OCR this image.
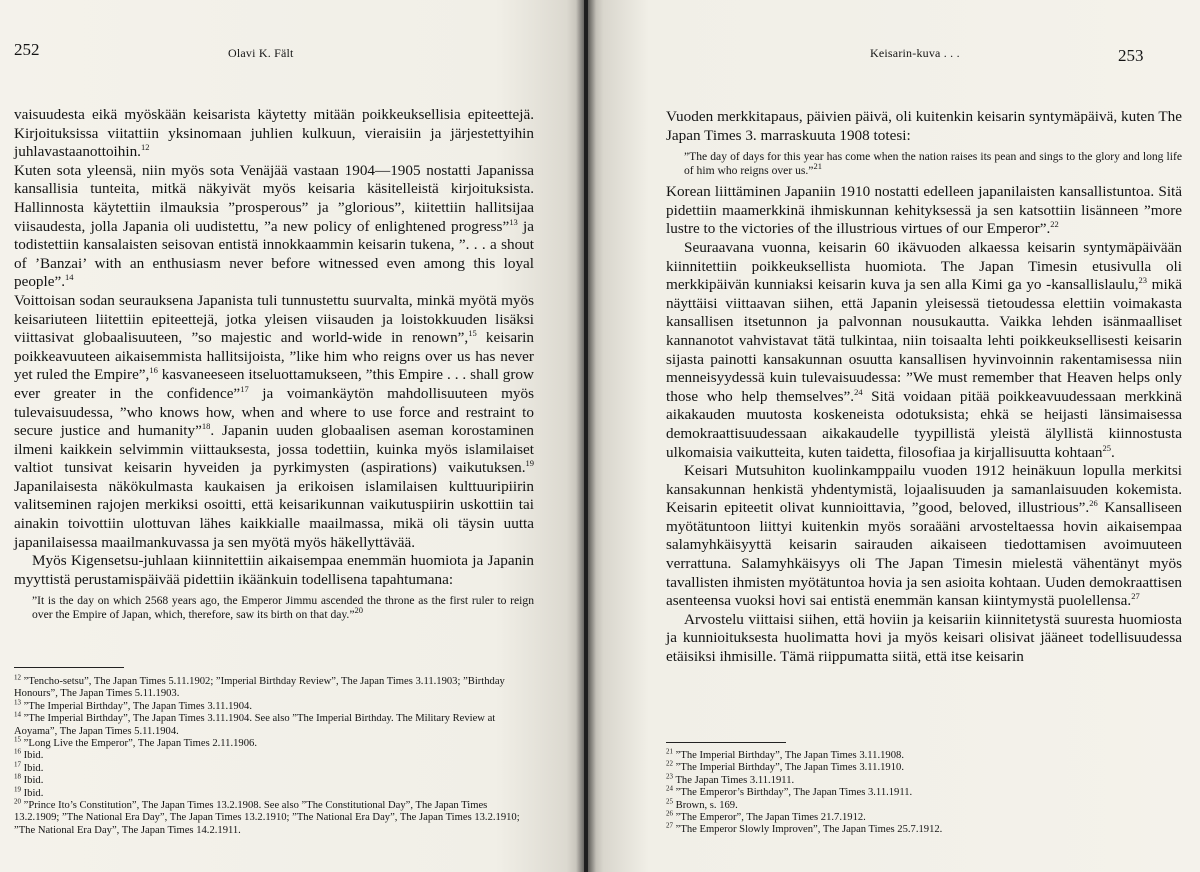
252	Olavi K. Fält

vaisuudesta eikä myöskään keisarista käytetty mitään poikkeuksellisia epiteettejä. Kirjoituksissa viitattiin yksinomaan juhlien kulkuun, vieraisiin ja järjestettyihin juhlavastaanottoihin.$^{12}$

Kuten sota yleensä, niin myös sota Venäjää vastaan 1904—1905 nostatti Japanissa kansallisia tunteita, mitkä näkyivät myös keisaria käsitelleistä kirjoituksista. Hallinnosta käytettiin ilmauksia ”prosperous” ja ”glorious”, kiitettiin hallitsijaa viisaudesta, jolla Japania oli uudistettu, ”a new policy of enlightened progress”$^{13}$ ja todistettiin kansalaisten seisovan entistä innokkaammin keisarin tukena, ”. . . a shout of ’Banzai’ with an enthusiasm never before witnessed even among this loyal people”.$^{14}$

Voittoisan sodan seurauksena Japanista tuli tunnustettu suurvalta, minkä myötä myös keisariuteen liitettiin epiteettejä, jotka yleisen viisauden ja loistokkuuden lisäksi viittasivat globaalisuuteen, ”so majestic and world-wide in renown”,$^{15}$ keisarin poikkeavuuteen aikaisemmista hallitsijoista, ”like him who reigns over us has never yet ruled the Empire”,$^{16}$ kasvaneeseen itseluottamukseen, ”this Empire . . . shall grow ever greater in the confidence”$^{17}$ ja voimankäytön mahdollisuuteen myös tulevaisuudessa, ”who knows how, when and where to use force and restraint to secure justice and humanity”$^{18}$. Japanin uuden globaalisen aseman korostaminen ilmeni kaikkein selvimmin viittauksesta, jossa todettiin, kuinka myös islamilaiset valtiot tunsivat keisarin hyveiden ja pyrkimysten (aspirations) vaikutuksen.$^{19}$ Japanilaisesta näkökulmasta kaukaisen ja erikoisen islamilaisen kulttuuripiirin valitseminen rajojen merkiksi osoitti, että keisarikunnan vaikutuspiirin uskottiin tai ainakin toivottiin ulottuvan lähes kaikkialle maailmassa, mikä oli täysin uutta japanilaisessa maailmankuvassa ja sen myötä myös häkellyttävää.

Myös Kigensetsu-juhlaan kiinnitettiin aikaisempaa enemmän huomiota ja Japanin myyttistä perustamispäivää pidettiin ikäänkuin todellisena tapahtumana:

”It is the day on which 2568 years ago, the Emperor Jimmu ascended the throne as the first ruler to reign over the Empire of Japan, which, therefore, saw its birth on that day.”$^{20}$

$^{12}$ ”Tencho-setsu”, The Japan Times 5.11.1902; ”Imperial Birthday Review”, The Japan Times 3.11.1903; ”Birthday Honours”, The Japan Times 5.11.1903.

$^{13}$ ”The Imperial Birthday”, The Japan Times 3.11.1904.

$^{14}$ ”The Imperial Birthday”, The Japan Times 3.11.1904. See also ”The Imperial Birthday. The Military Review at Aoyama”, The Japan Times 5.11.1904.

$^{15}$ ”Long Live the Emperor”, The Japan Times 2.11.1906.

$^{16}$ Ibid.

$^{17}$ Ibid.

$^{18}$ Ibid.

$^{19}$ Ibid.

$^{20}$ ”Prince Ito’s Constitution”, The Japan Times 13.2.1908. See also ”The Constitutional Day”, The Japan Times 13.2.1909; ”The National Era Day”, The Japan Times 13.2.1910; ”The National Era Day”, The Japan Times 13.2.1910; ”The National Era Day”, The Japan Times 14.2.1911.

Keisarin-kuva . . .	253

Vuoden merkkitapaus, päivien päivä, oli kuitenkin keisarin syntymäpäivä, kuten The Japan Times 3. marraskuuta 1908 totesi:

”The day of days for this year has come when the nation raises its pean and sings to the glory and long life of him who reigns over us.”$^{21}$

Korean liittäminen Japaniin 1910 nostatti edelleen japanilaisten kansallistuntoa. Sitä pidettiin maamerkkinä ihmiskunnan kehityksessä ja sen katsottiin lisänneen ”more lustre to the victories of the illustrious virtues of our Emperor”.$^{22}$

Seuraavana vuonna, keisarin 60 ikävuoden alkaessa keisarin syntymäpäivään kiinnitettiin poikkeuksellista huomiota. The Japan Timesin etusivulla oli merkkipäivän kunniaksi keisarin kuva ja sen alla Kimi ga yo -kansallislaulu,$^{23}$ mikä näyttäisi viittaavan siihen, että Japanin yleisessä tietoudessa elettiin voimakasta kansallisen itsetunnon ja palvonnan nousukautta. Vaikka lehden isänmaalliset kannanotot vahvistavat tätä tulkintaa, niin toisaalta lehti poikkeuksellisesti keisarin sijasta painotti kansakunnan osuutta kansallisen hyvinvoinnin rakentamisessa niin menneisyydessä kuin tulevaisuudessa: ”We must remember that Heaven helps only those who help themselves”.$^{24}$ Sitä voidaan pitää poikkeavuudessaan merkkinä aikakauden muutosta koskeneista odotuksista; ehkä se heijasti länsimaisessa demokraattisuudessaan aikakaudelle tyypillistä yleistä älyllistä kiinnostusta ulkomaisia vaikutteita, kuten taidetta, filosofiaa ja kirjallisuutta kohtaan$^{25}$.

Keisari Mutsuhiton kuolinkamppailu vuoden 1912 heinäkuun lopulla merkitsi kansakunnan henkistä yhdentymistä, lojaalisuuden ja samanlaisuuden kokemista. Keisarin epiteetit olivat kunnioittavia, ”good, beloved, illustrious”.$^{26}$ Kansalliseen myötätuntoon liittyi kuitenkin myös soraääni arvosteltaessa hovin aikaisempaa salamyhkäisyyttä keisarin sairauden aikaiseen tiedottamisen avoimuuteen verrattuna. Salamyhkäisyys oli The Japan Timesin mielestä vähentänyt myös tavallisten ihmisten myötätuntoa hovia ja sen asioita kohtaan. Uuden demokraattisen asenteensa vuoksi hovi sai entistä enemmän kansan kiintymystä puolellensa.$^{27}$

Arvostelu viittaisi siihen, että hoviin ja keisariin kiinnitetystä suuresta huomiosta ja kunnioituksesta huolimatta hovi ja myös keisari olisivat jääneet todellisuudessa etäisiksi ihmisille. Tämä riippumatta siitä, että itse keisarin

$^{21}$ ”The Imperial Birthday”, The Japan Times 3.11.1908.

$^{22}$ ”The Imperial Birthday”, The Japan Times 3.11.1910.

$^{23}$ The Japan Times 3.11.1911.

$^{24}$ ”The Emperor’s Birthday”, The Japan Times 3.11.1911.

$^{25}$ Brown, s. 169.

$^{26}$ ”The Emperor”, The Japan Times 21.7.1912.

$^{27}$ ”The Emperor Slowly Improven”, The Japan Times 25.7.1912.
